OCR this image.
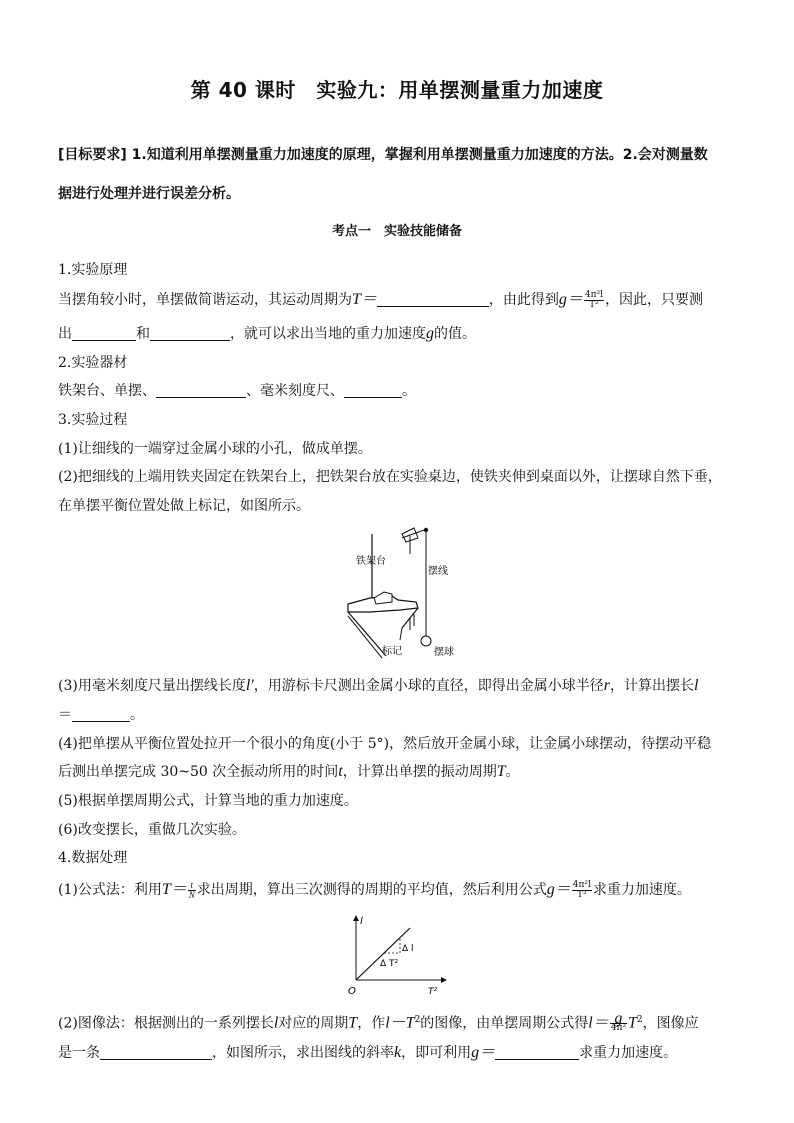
第 40 课时　实验九：用单摆测量重力加速度
[目标要求] 1.知道利用单摆测量重力加速度的原理，掌握利用单摆测量重力加速度的方法。2.会对测量数
据进行处理并进行误差分析。
考点一　实验技能储备
1.实验原理
当摆角较小时，单摆做简谐运动，其运动周期为T＝	，由此得到$g= \frac{\text{4π²l}}{\text{T²}}$ ，因此，只要测
出	和	，就可以求出当地的重力加速度g的值。
2.实验器材
铁架台、单摆、	、毫米刻度尺、	。
3.实验过程
(1)让细线的一端穿过金属小球的小孔，做成单摆。
(2)把细线的上端用铁夹固定在铁架台上，把铁架台放在实验桌边，使铁夹伸到桌面以外，让摆球自然下垂，
在单摆平衡位置处做上标记，如图所示。
铁架台
摆线
标记	摆球
(3)用毫米刻度尺量出摆线长度l′，用游标卡尺测出金属小球的直径，即得出金属小球半径r，计算出摆长l
＝	。
(4)把单摆从平衡位置处拉开一个很小的角度(小于 5°)，然后放开金属小球，让金属小球摆动，待摆动平稳
后测出单摆完成 30~50 次全振动所用的时间t，计算出单摆的振动周期T。
(5)根据单摆周期公式，计算当地的重力加速度。
(6)改变摆长，重做几次实验。
4.数据处理
(1)公式法：利用$T= \frac{t}{N}$ 求出周期，算出三次测得的周期的平均值，然后利用公式$g= \frac{\text{4π²l}}{\text{T²}}$ 求重力加速度。
l
T²
O
Δ l
Δ T²
(2)图像法：根据测出的一系列摆长l对应的周期T，作$l-T^2$的图像，由单摆周期公式得$l= \frac{g}{\text{4π²}} T^2$，图像应
是一条	，如图所示，求出图线的斜率k，即可利用g＝	求重力加速度。
